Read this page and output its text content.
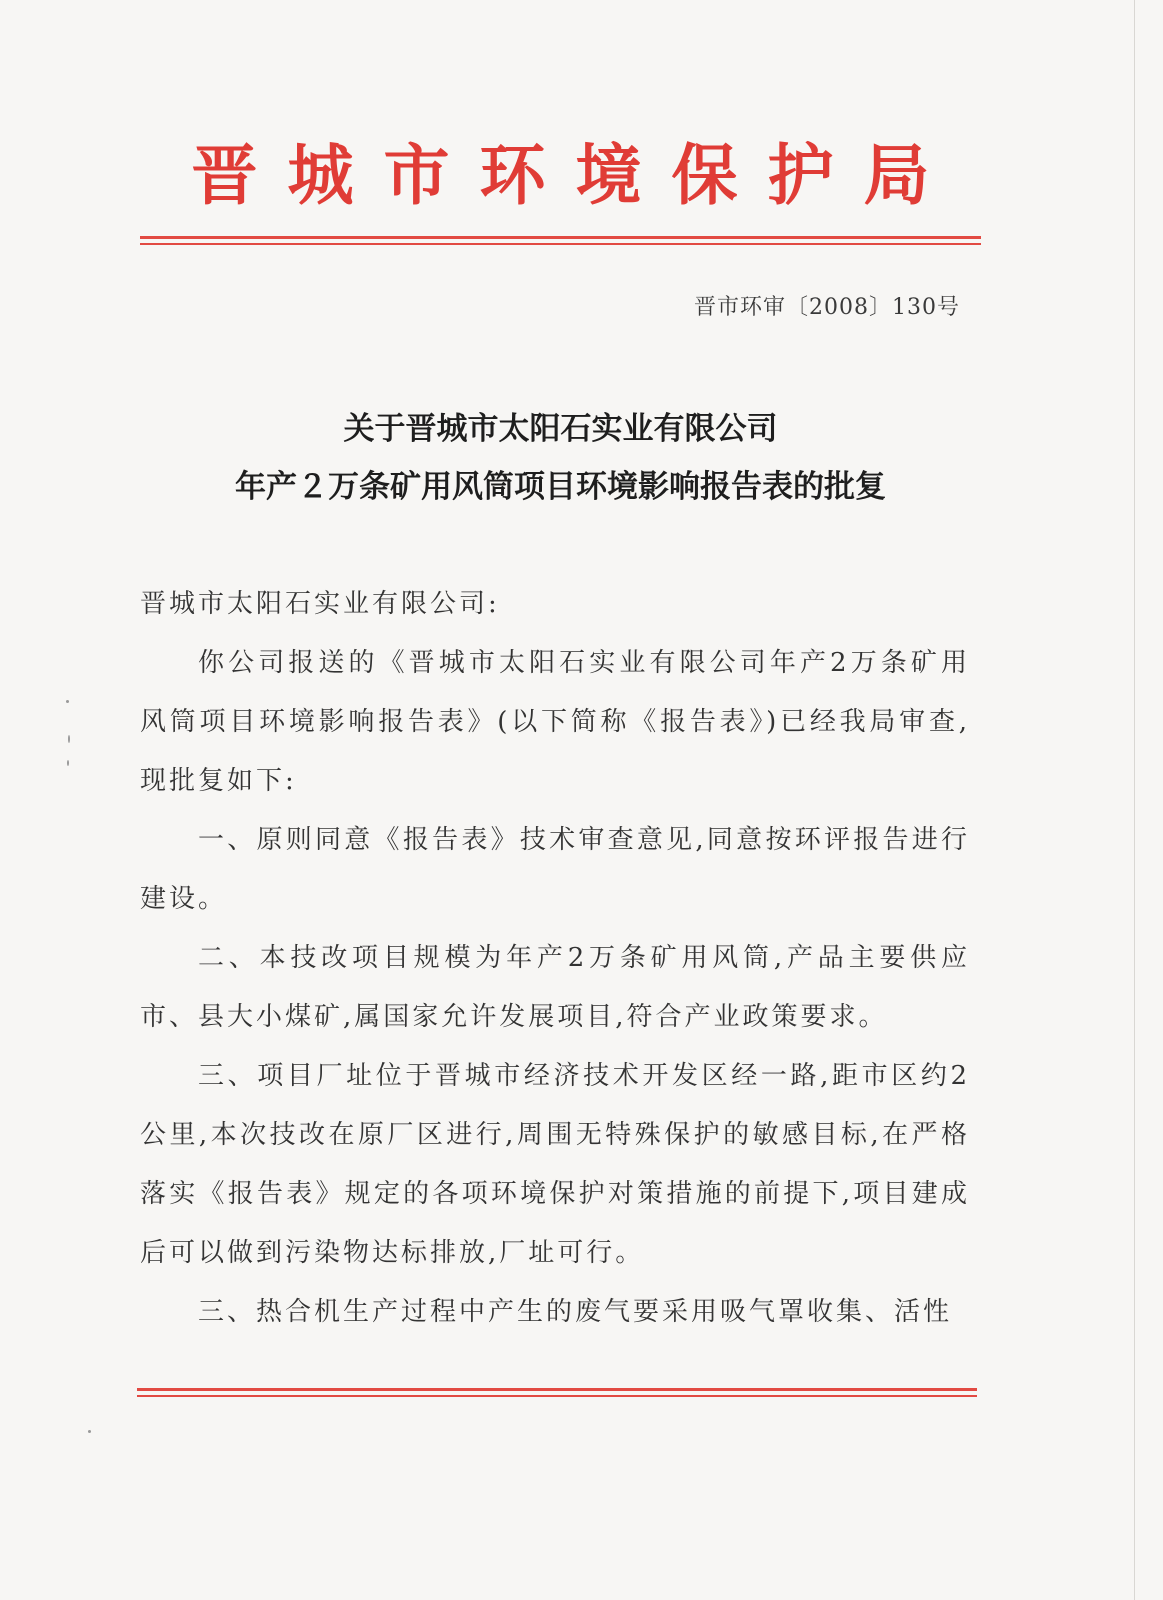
晋城市环境保护局
晋市环审〔2008〕130号
关于晋城市太阳石实业有限公司
年产２万条矿用风筒项目环境影响报告表的批复

晋城市太阳石实业有限公司:

你公司报送的《晋城市太阳石实业有限公司年产2万条矿用风筒项目环境影响报告表》(以下简称《报告表》)已经我局审查,现批复如下:

一、原则同意《报告表》技术审查意见,同意按环评报告进行建设。

二、本技改项目规模为年产2万条矿用风筒,产品主要供应市、县大小煤矿,属国家允许发展项目,符合产业政策要求。

三、项目厂址位于晋城市经济技术开发区经一路,距市区约2公里,本次技改在原厂区进行,周围无特殊保护的敏感目标,在严格落实《报告表》规定的各项环境保护对策措施的前提下,项目建成后可以做到污染物达标排放,厂址可行。

三、热合机生产过程中产生的废气要采用吸气罩收集、活性
